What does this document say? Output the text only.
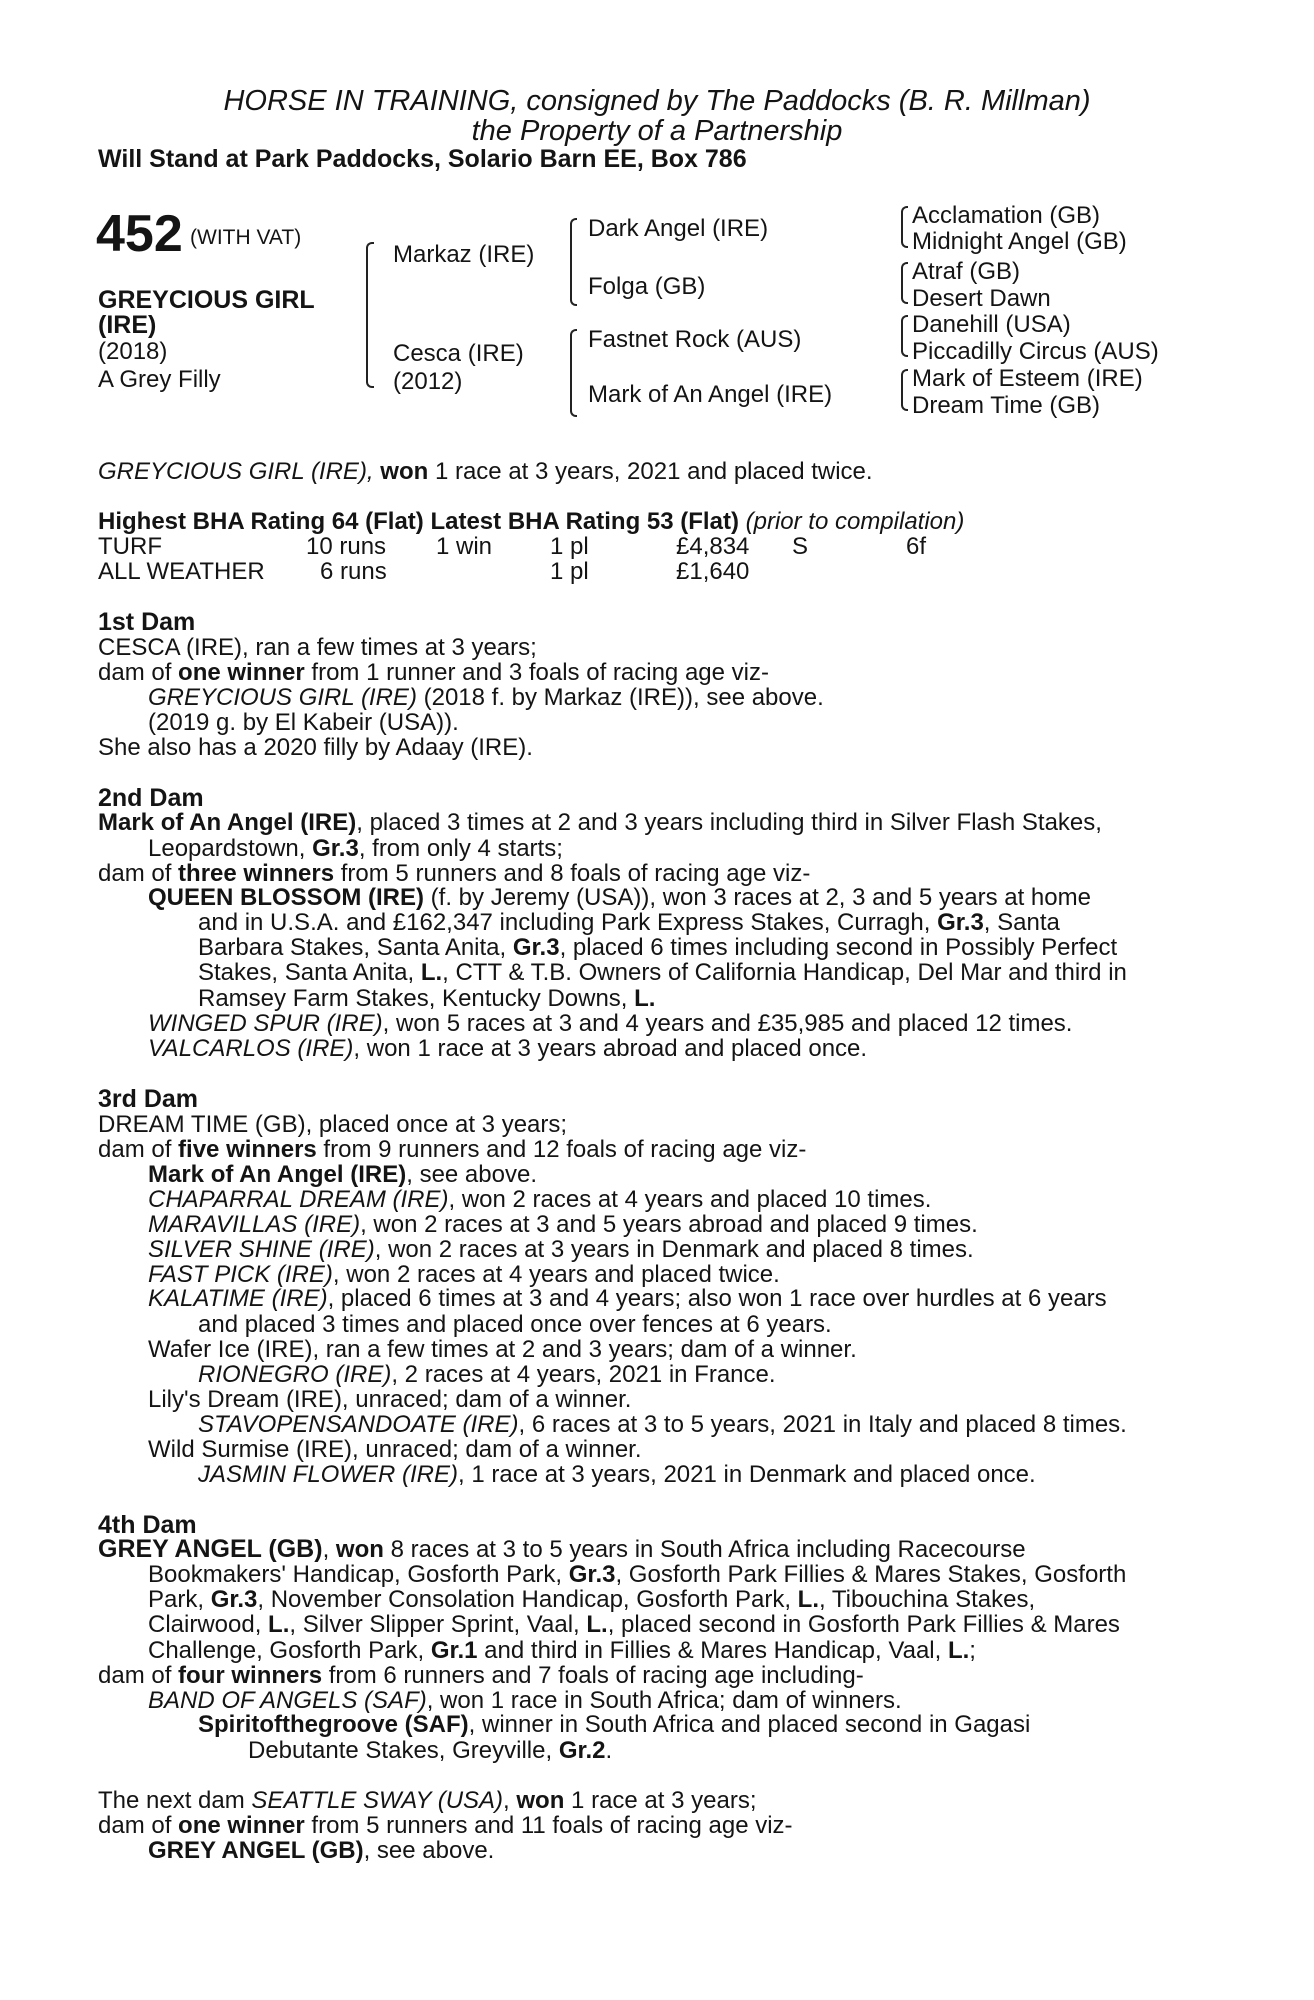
HORSE IN TRAINING, consigned by The Paddocks (B. R. Millman)
the Property of a Partnership
Will Stand at Park Paddocks, Solario Barn EE, Box 786
452 (WITH VAT)
GREYCIOUS GIRL
(IRE)
(2018)
A Grey Filly
Markaz (IRE)
Cesca (IRE)
(2012)
Dark Angel (IRE)
Folga (GB)
Fastnet Rock (AUS)
Mark of An Angel (IRE)
Acclamation (GB)
Midnight Angel (GB)
Atraf (GB)
Desert Dawn
Danehill (USA)
Piccadilly Circus (AUS)
Mark of Esteem (IRE)
Dream Time (GB)
GREYCIOUS GIRL (IRE), won 1 race at 3 years, 2021 and placed twice.
Highest BHA Rating 64 (Flat) Latest BHA Rating 53 (Flat) (prior to compilation)
TURF	10 runs 1 win 1 pl	£4,834 S	6f
ALL WEATHER 6 runs	1 pl	£1,640
1st Dam
CESCA (IRE), ran a few times at 3 years;
dam of one winner from 1 runner and 3 foals of racing age viz-
GREYCIOUS GIRL (IRE) (2018 f. by Markaz (IRE)), see above.
(2019 g. by El Kabeir (USA)).
She also has a 2020 filly by Adaay (IRE).
2nd Dam
Mark of An Angel (IRE), placed 3 times at 2 and 3 years including third in Silver Flash Stakes,
Leopardstown, Gr.3, from only 4 starts;
dam of three winners from 5 runners and 8 foals of racing age viz-
QUEEN BLOSSOM (IRE) (f. by Jeremy (USA)), won 3 races at 2, 3 and 5 years at home
and in U.S.A. and £162,347 including Park Express Stakes, Curragh, Gr.3, Santa
Barbara Stakes, Santa Anita, Gr.3, placed 6 times including second in Possibly Perfect
Stakes, Santa Anita, L., CTT & T.B. Owners of California Handicap, Del Mar and third in
Ramsey Farm Stakes, Kentucky Downs, L.
WINGED SPUR (IRE), won 5 races at 3 and 4 years and £35,985 and placed 12 times.
VALCARLOS (IRE), won 1 race at 3 years abroad and placed once.
3rd Dam
DREAM TIME (GB), placed once at 3 years;
dam of five winners from 9 runners and 12 foals of racing age viz-
Mark of An Angel (IRE), see above.
CHAPARRAL DREAM (IRE), won 2 races at 4 years and placed 10 times.
MARAVILLAS (IRE), won 2 races at 3 and 5 years abroad and placed 9 times.
SILVER SHINE (IRE), won 2 races at 3 years in Denmark and placed 8 times.
FAST PICK (IRE), won 2 races at 4 years and placed twice.
KALATIME (IRE), placed 6 times at 3 and 4 years; also won 1 race over hurdles at 6 years
and placed 3 times and placed once over fences at 6 years.
Wafer Ice (IRE), ran a few times at 2 and 3 years; dam of a winner.
RIONEGRO (IRE), 2 races at 4 years, 2021 in France.
Lily's Dream (IRE), unraced; dam of a winner.
STAVOPENSANDOATE (IRE), 6 races at 3 to 5 years, 2021 in Italy and placed 8 times.
Wild Surmise (IRE), unraced; dam of a winner.
JASMIN FLOWER (IRE), 1 race at 3 years, 2021 in Denmark and placed once.
4th Dam
GREY ANGEL (GB), won 8 races at 3 to 5 years in South Africa including Racecourse
Bookmakers' Handicap, Gosforth Park, Gr.3, Gosforth Park Fillies & Mares Stakes, Gosforth
Park, Gr.3, November Consolation Handicap, Gosforth Park, L., Tibouchina Stakes,
Clairwood, L., Silver Slipper Sprint, Vaal, L., placed second in Gosforth Park Fillies & Mares
Challenge, Gosforth Park, Gr.1 and third in Fillies & Mares Handicap, Vaal, L.;
dam of four winners from 6 runners and 7 foals of racing age including-
BAND OF ANGELS (SAF), won 1 race in South Africa; dam of winners.
Spiritofthegroove (SAF), winner in South Africa and placed second in Gagasi
Debutante Stakes, Greyville, Gr.2.
The next dam SEATTLE SWAY (USA), won 1 race at 3 years;
dam of one winner from 5 runners and 11 foals of racing age viz-
GREY ANGEL (GB), see above.
